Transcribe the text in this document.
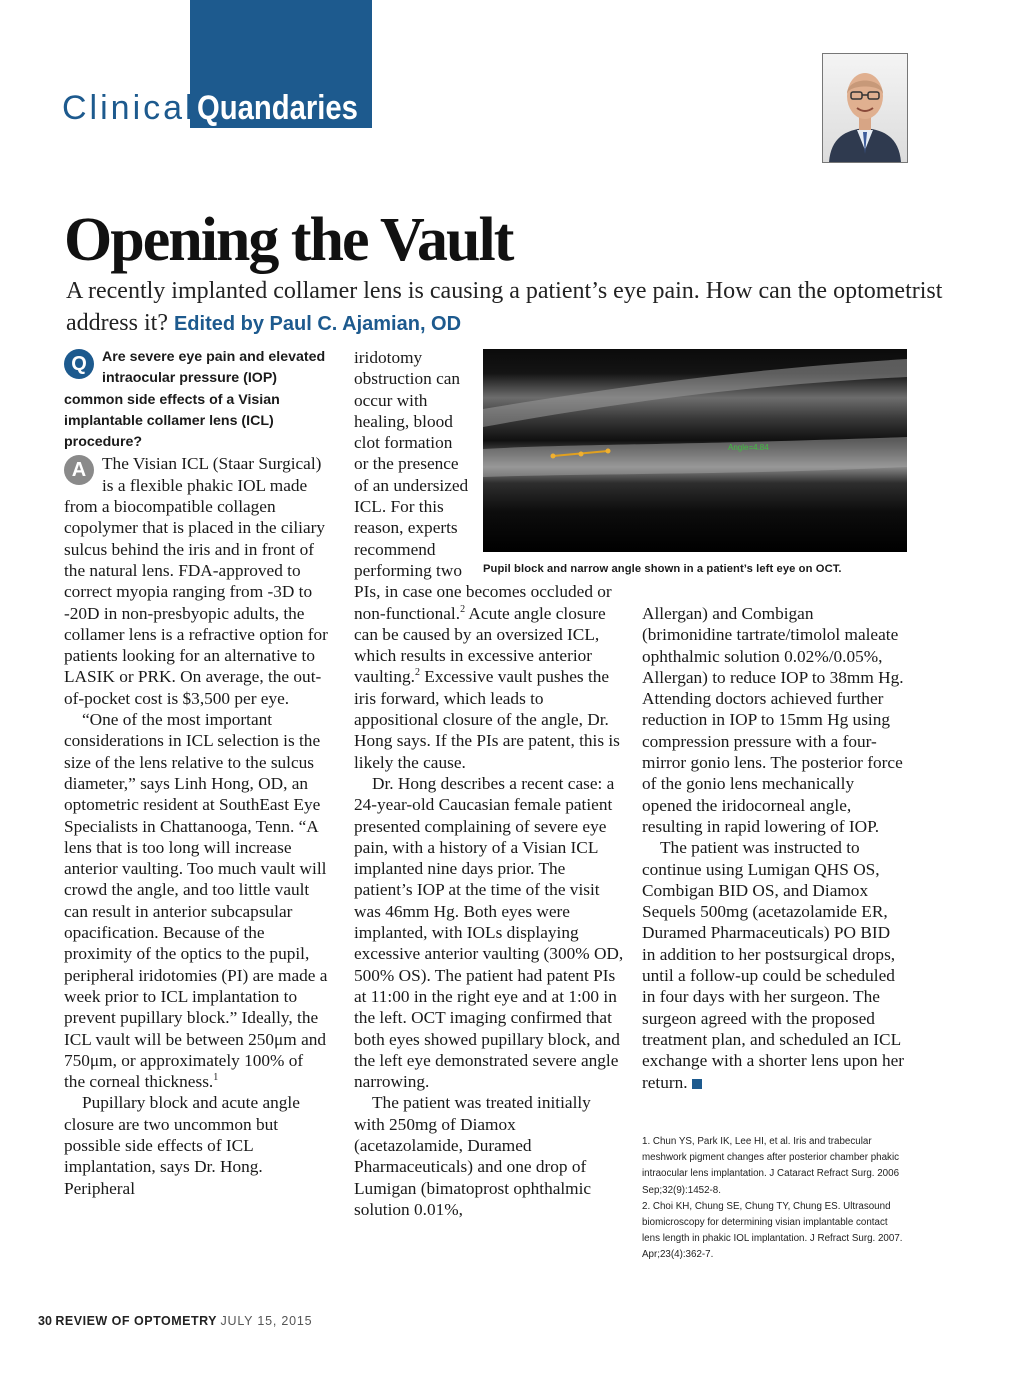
Clinical Quandaries
Opening the Vault
A recently implanted collamer lens is causing a patient’s eye pain. How can the optometrist address it? Edited by Paul C. Ajamian, OD

Q	Are severe eye pain and elevated intraocular pressure (IOP) common side effects of a Visian implantable collamer lens (ICL) procedure?

A The Visian ICL (Staar Surgical) is a flexible phakic IOL made from a biocompatible collagen copolymer that is placed in the ciliary sulcus behind the iris and in front of the natural lens. FDA-approved to correct myopia ranging from -3D to -20D in non-presbyopic adults, the collamer lens is a refractive option for patients looking for an alternative to LASIK or PRK. On average, the out-of-pocket cost is $3,500 per eye.

“One of the most important considerations in ICL selection is the size of the lens relative to the sulcus diameter,” says Linh Hong, OD, an optometric resident at SouthEast Eye Specialists in Chattanooga, Tenn. “A lens that is too long will increase anterior vaulting. Too much vault will crowd the angle, and too little vault can result in anterior subcapsular opacification. Because of the proximity of the optics to the pupil, peripheral iridotomies (PI) are made a week prior to ICL implantation to prevent pupillary block.” Ideally, the ICL vault will be between 250μm and 750μm, or approximately 100% of the corneal thickness.$^1$

Pupillary block and acute angle closure are two uncommon but possible side effects of ICL implantation, says Dr. Hong. Peripheral

iridotomy obstruction can occur with healing, blood clot formation or the presence of an undersized ICL. For this reason, experts recommend performing two

PIs, in case one becomes occluded or non-functional.$^2$ Acute angle closure can be caused by an oversized ICL, which results in excessive anterior vaulting.$^2$ Excessive vault pushes the iris forward, which leads to appositional closure of the angle, Dr. Hong says. If the PIs are patent, this is likely the cause.

Dr. Hong describes a recent case: a 24-year-old Caucasian female patient presented complaining of severe eye pain, with a history of a Visian ICL implanted nine days prior. The patient’s IOP at the time of the visit was 46mm Hg. Both eyes were implanted, with IOLs displaying excessive anterior vaulting (300% OD, 500% OS). The patient had patent PIs at 11:00 in the right eye and at 1:00 in the left. OCT imaging confirmed that both eyes showed pupillary block, and the left eye demonstrated severe angle narrowing.

The patient was treated initially with 250mg of Diamox (acetazolamide, Duramed Pharmaceuticals) and one drop of Lumigan (bimatoprost ophthalmic solution 0.01%,

Angle=4.84
Pupil block and narrow angle shown in a patient’s left eye on OCT.

Allergan) and Combigan (brimonidine tartrate/timolol maleate ophthalmic solution 0.02%/0.05%, Allergan) to reduce IOP to 38mm Hg. Attending doctors achieved further reduction in IOP to 15mm Hg using compression pressure with a four-mirror gonio lens. The posterior force of the gonio lens mechanically opened the iridocorneal angle, resulting in rapid lowering of IOP.

The patient was instructed to continue using Lumigan QHS OS, Combigan BID OS, and Diamox Sequels 500mg (acetazolamide ER, Duramed Pharmaceuticals) PO BID in addition to her postsurgical drops, until a follow-up could be scheduled in four days with her surgeon. The surgeon agreed with the proposed treatment plan, and scheduled an ICL exchange with a shorter lens upon her return.

1. Chun YS, Park IK, Lee HI, et al. Iris and trabecular meshwork pigment changes after posterior chamber phakic intraocular lens implantation. J Cataract Refract Surg. 2006 Sep;32(9):1452-8.

2. Choi KH, Chung SE, Chung TY, Chung ES. Ultrasound biomicroscopy for determining visian implantable contact lens length in phakic IOL implantation. J Refract Surg. 2007. Apr;23(4):362-7.

30 REVIEW OF OPTOMETRY JULY 15, 2015
